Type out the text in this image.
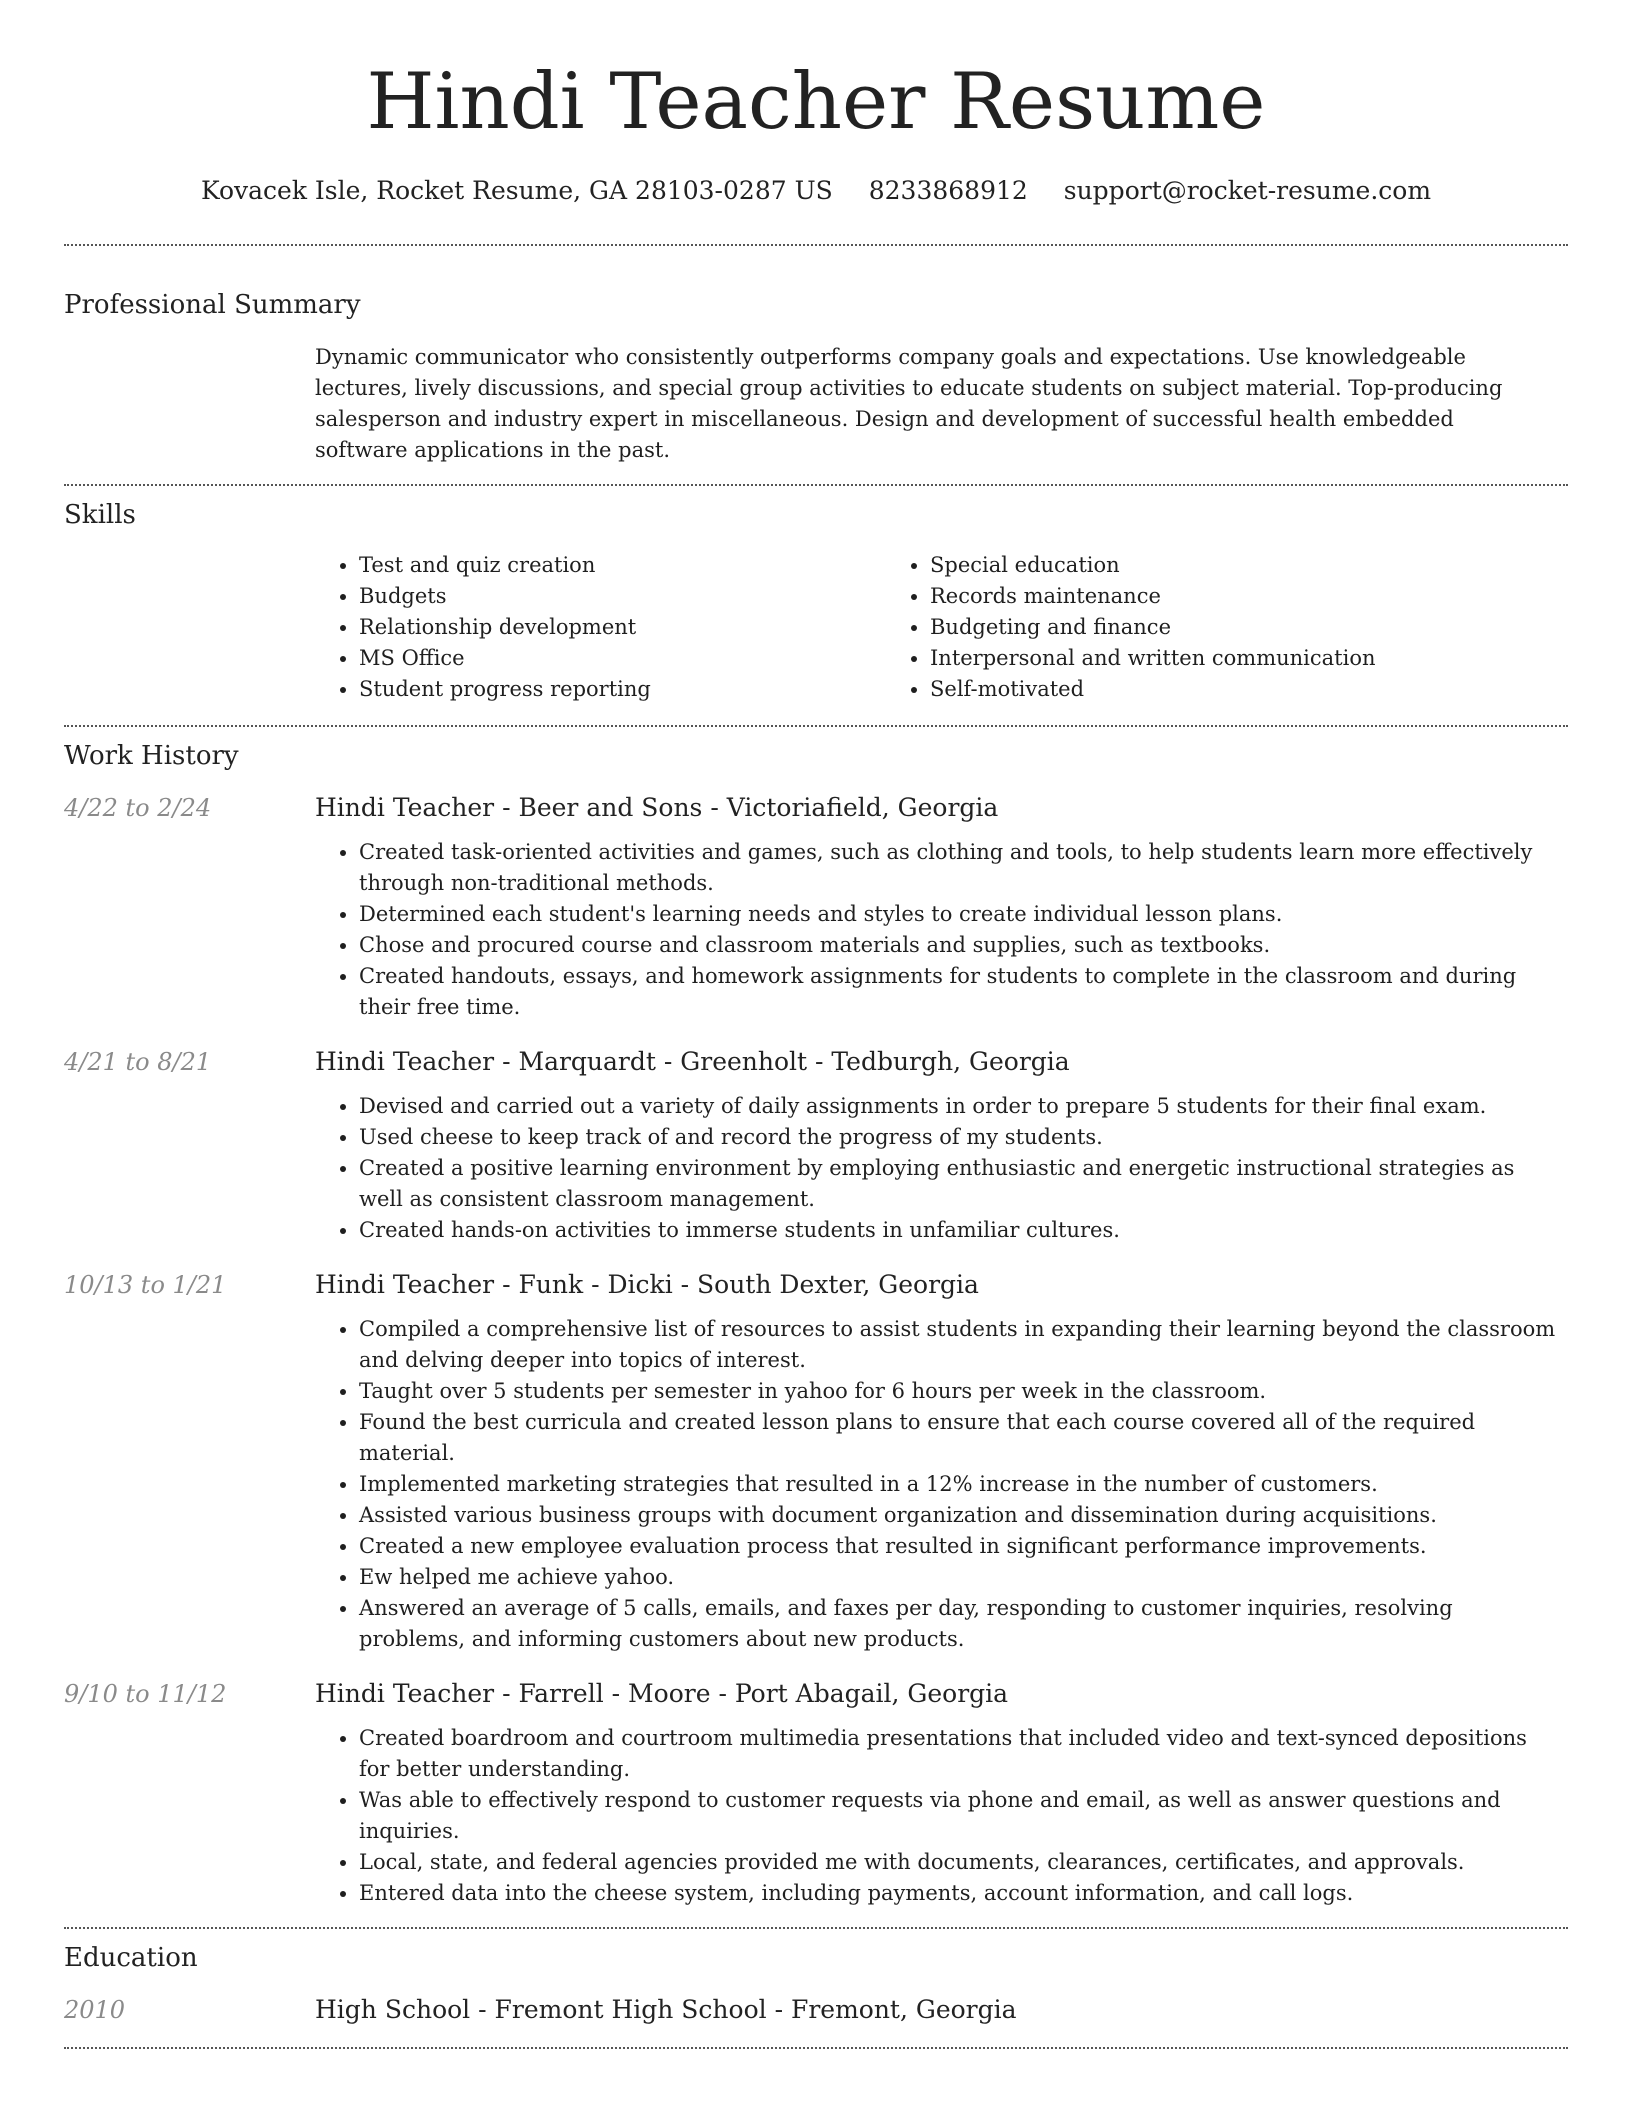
Hindi Teacher Resume
Kovacek Isle, Rocket Resume, GA 28103-0287 US 8233868912 support@rocket-resume.com
Professional Summary

Dynamic communicator who consistently outperforms company goals and expectations. Use knowledgeable lectures, lively discussions, and special group activities to educate students on subject material. Top-producing salesperson and industry expert in miscellaneous. Design and development of successful health embedded software applications in the past.

Skills
• Test and quiz creation
• Budgets
• Relationship development
• MS Office
• Student progress reporting
• Special education
• Records maintenance
• Budgeting and finance
• Interpersonal and written communication
• Self-motivated
Work History
4/22 to 2/24	Hindi Teacher - Beer and Sons - Victoriafield, Georgia
• Created task-oriented activities and games, such as clothing and tools, to help students learn more effectively through non-traditional methods.
• Determined each student's learning needs and styles to create individual lesson plans.
• Chose and procured course and classroom materials and supplies, such as textbooks.
• Created handouts, essays, and homework assignments for students to complete in the classroom and during their free time.
4/21 to 8/21	Hindi Teacher - Marquardt - Greenholt - Tedburgh, Georgia
• Devised and carried out a variety of daily assignments in order to prepare 5 students for their final exam.
• Used cheese to keep track of and record the progress of my students.
• Created a positive learning environment by employing enthusiastic and energetic instructional strategies as well as consistent classroom management.
• Created hands-on activities to immerse students in unfamiliar cultures.
10/13 to 1/21	Hindi Teacher - Funk - Dicki - South Dexter, Georgia
• Compiled a comprehensive list of resources to assist students in expanding their learning beyond the classroom and delving deeper into topics of interest.
• Taught over 5 students per semester in yahoo for 6 hours per week in the classroom.
• Found the best curricula and created lesson plans to ensure that each course covered all of the required material.
• Implemented marketing strategies that resulted in a 12% increase in the number of customers.
• Assisted various business groups with document organization and dissemination during acquisitions.
• Created a new employee evaluation process that resulted in significant performance improvements.
• Ew helped me achieve yahoo.
• Answered an average of 5 calls, emails, and faxes per day, responding to customer inquiries, resolving problems, and informing customers about new products.
9/10 to 11/12	Hindi Teacher - Farrell - Moore - Port Abagail, Georgia
• Created boardroom and courtroom multimedia presentations that included video and text-synced depositions for better understanding.
• Was able to effectively respond to customer requests via phone and email, as well as answer questions and inquiries.
• Local, state, and federal agencies provided me with documents, clearances, certificates, and approvals.
• Entered data into the cheese system, including payments, account information, and call logs.
Education
2010	High School - Fremont High School - Fremont, Georgia
